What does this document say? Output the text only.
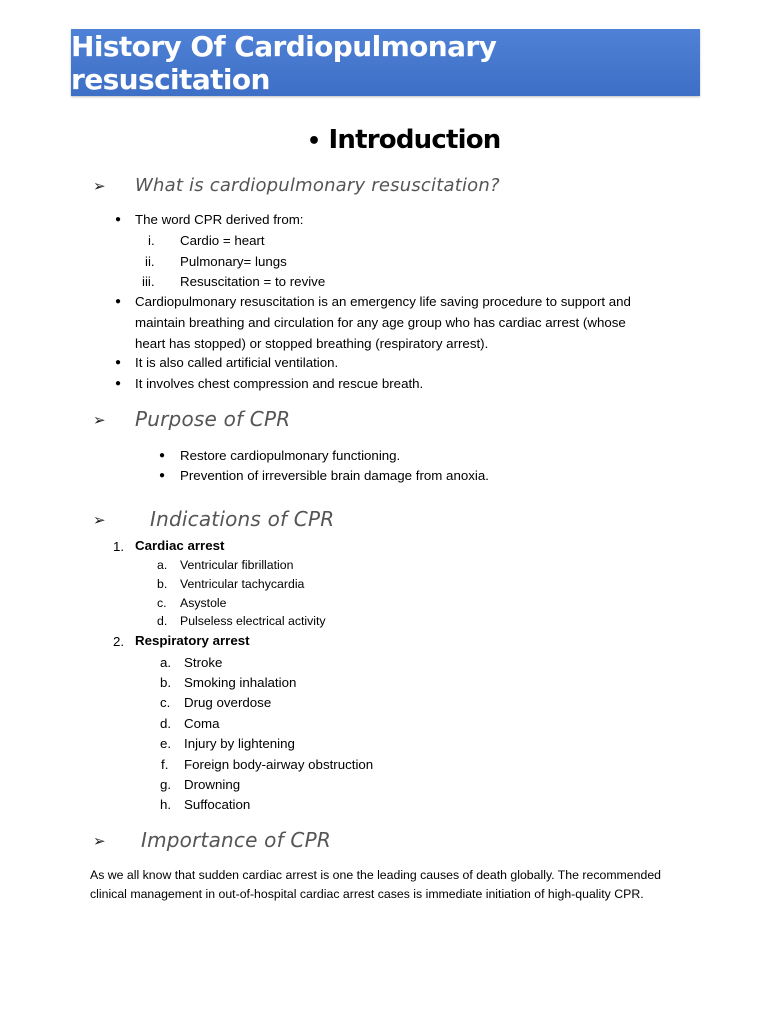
History Of Cardiopulmonary resuscitation
• Introduction
➢ What is cardiopulmonary resuscitation?
● The word CPR derived from:
i. Cardio = heart
ii. Pulmonary= lungs
iii. Resuscitation = to revive
● Cardiopulmonary resuscitation is an emergency life saving procedure to support and
maintain breathing and circulation for any age group who has cardiac arrest (whose
heart has stopped) or stopped breathing (respiratory arrest).
● It is also called artificial ventilation.
● It involves chest compression and rescue breath.
➢ Purpose of CPR
● Restore cardiopulmonary functioning.
● Prevention of irreversible brain damage from anoxia.
➢ Indications of CPR
1. Cardiac arrest
a. Ventricular fibrillation
b. Ventricular tachycardia
c. Asystole
d. Pulseless electrical activity
2. Respiratory arrest
a. Stroke
b. Smoking inhalation
c. Drug overdose
d. Coma
e. Injury by lightening
f. Foreign body-airway obstruction
g. Drowning
h. Suffocation
➢ Importance of CPR
As we all know that sudden cardiac arrest is one the leading causes of death globally. The recommended
clinical management in out-of-hospital cardiac arrest cases is immediate initiation of high-quality CPR.
